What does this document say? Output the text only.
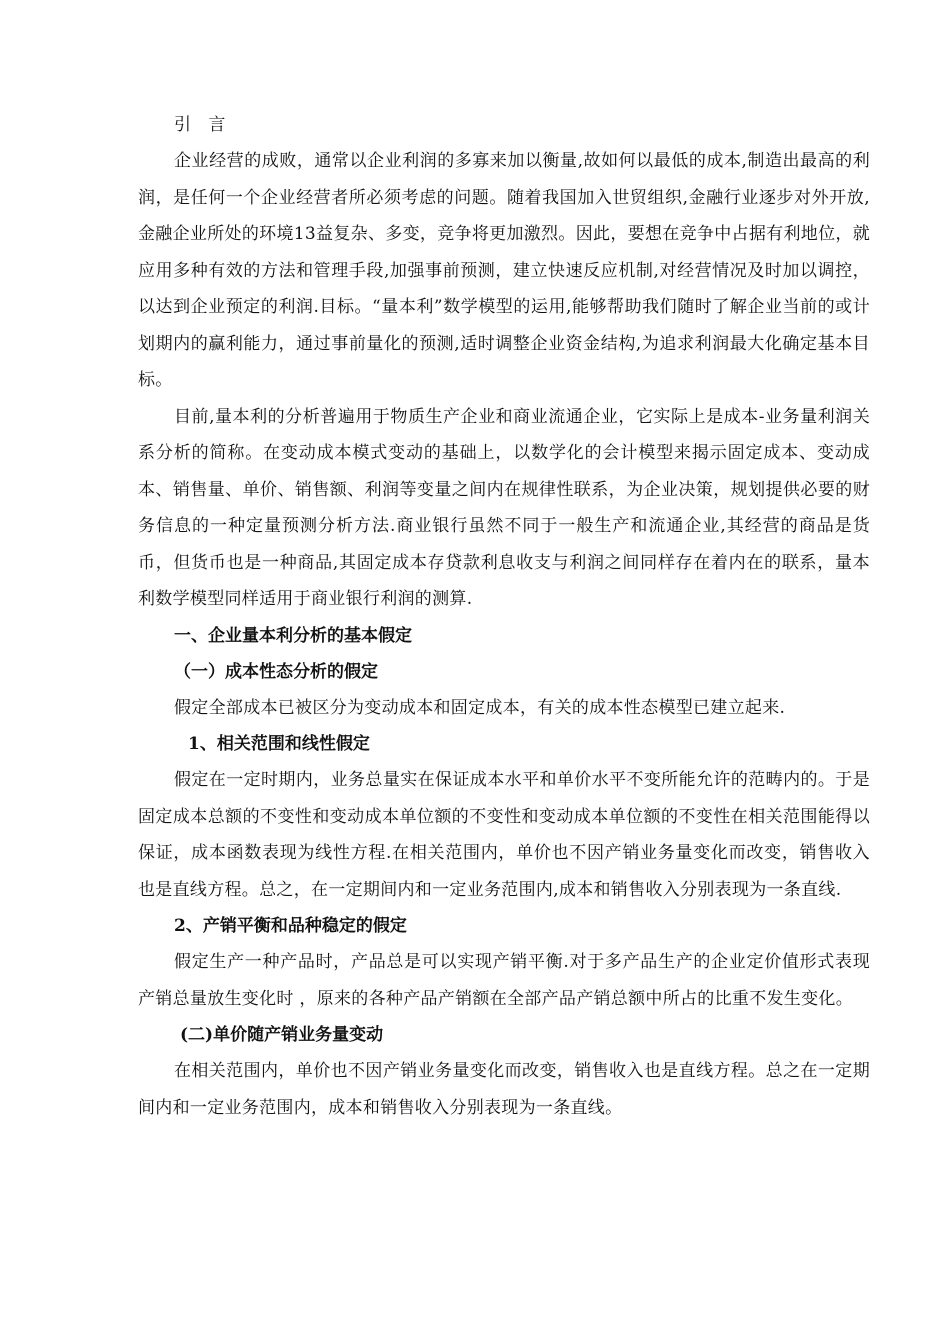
引 言

企业经营的成败，通常以企业利润的多寡来加以衡量,故如何以最低的成本,制造出最高的利润，是任何一个企业经营者所必须考虑的问题。随着我国加入世贸组织,金融行业逐步对外开放,金融企业所处的环境13益复杂、多变，竞争将更加激烈。因此，要想在竞争中占据有利地位，就应用多种有效的方法和管理手段,加强事前预测，建立快速反应机制,对经营情况及时加以调控，以达到企业预定的利润.目标。“量本利”数学模型的运用,能够帮助我们随时了解企业当前的或计划期内的赢利能力，通过事前量化的预测,适时调整企业资金结构,为追求利润最大化确定基本目标。

目前,量本利的分析普遍用于物质生产企业和商业流通企业，它实际上是成本-业务量利润关系分析的简称。在变动成本模式变动的基础上，以数学化的会计模型来揭示固定成本、变动成本、销售量、单价、销售额、利润等变量之间内在规律性联系，为企业决策，规划提供必要的财务信息的一种定量预测分析方法.商业银行虽然不同于一般生产和流通企业,其经营的商品是货币，但货币也是一种商品,其固定成本存贷款利息收支与利润之间同样存在着内在的联系，量本利数学模型同样适用于商业银行利润的测算.

一、企业量本利分析的基本假定

（一）成本性态分析的假定

假定全部成本已被区分为变动成本和固定成本，有关的成本性态模型已建立起来.

1、相关范围和线性假定

假定在一定时期内，业务总量实在保证成本水平和单价水平不变所能允许的范畴内的。于是固定成本总额的不变性和变动成本单位额的不变性和变动成本单位额的不变性在相关范围能得以保证，成本函数表现为线性方程.在相关范围内，单价也不因产销业务量变化而改变，销售收入也是直线方程。总之，在一定期间内和一定业务范围内,成本和销售收入分别表现为一条直线.

2、产销平衡和品种稳定的假定

假定生产一种产品时，产品总是可以实现产销平衡.对于多产品生产的企业定价值形式表现产销总量放生变化时 ，原来的各种产品产销额在全部产品产销总额中所占的比重不发生变化。

(二)单价随产销业务量变动

在相关范围内，单价也不因产销业务量变化而改变，销售收入也是直线方程。总之在一定期间内和一定业务范围内，成本和销售收入分别表现为一条直线。
